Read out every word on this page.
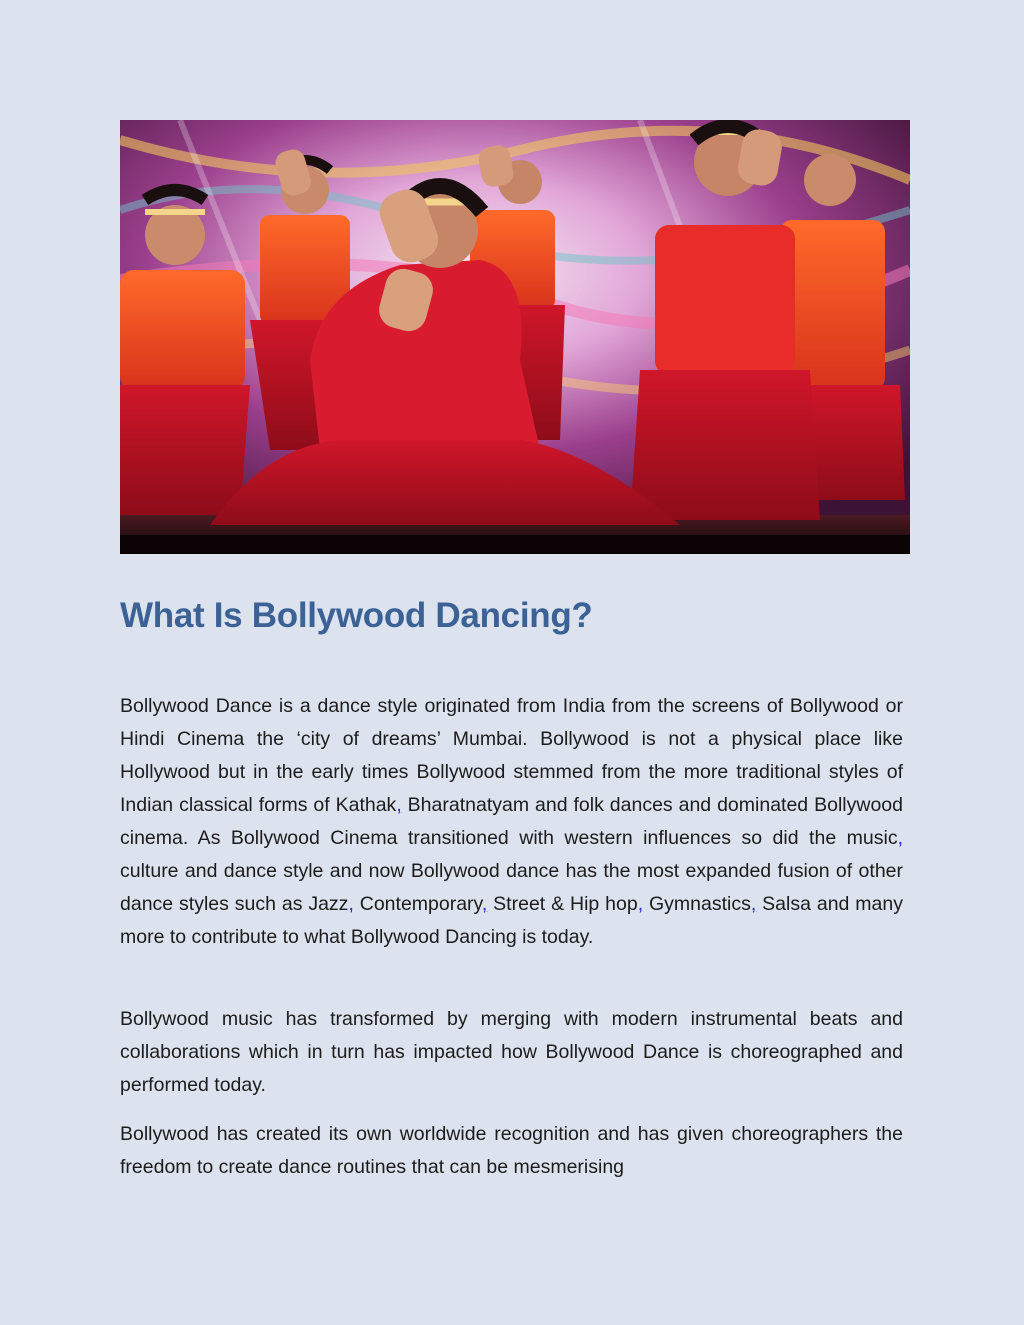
What Is Bollywood Dancing?

Bollywood Dance is a dance style originated from India from the screens of Bollywood or Hindi Cinema the ‘city of dreams’ Mumbai. Bollywood is not a physical place like Hollywood but in the early times Bollywood stemmed from the more traditional styles of Indian classical forms of Kathak, Bharatnatyam and folk dances and dominated Bollywood cinema. As Bollywood Cinema transitioned with western influences so did the music, culture and dance style and now Bollywood dance has the most expanded fusion of other dance styles such as Jazz, Contemporary, Street & Hip hop, Gymnastics, Salsa and many more to contribute to what Bollywood Dancing is today.

Bollywood music has transformed by merging with modern instrumental beats and collaborations which in turn has impacted how Bollywood Dance is choreographed and performed today.

Bollywood has created its own worldwide recognition and has given choreographers the freedom to create dance routines that can be mesmerising
